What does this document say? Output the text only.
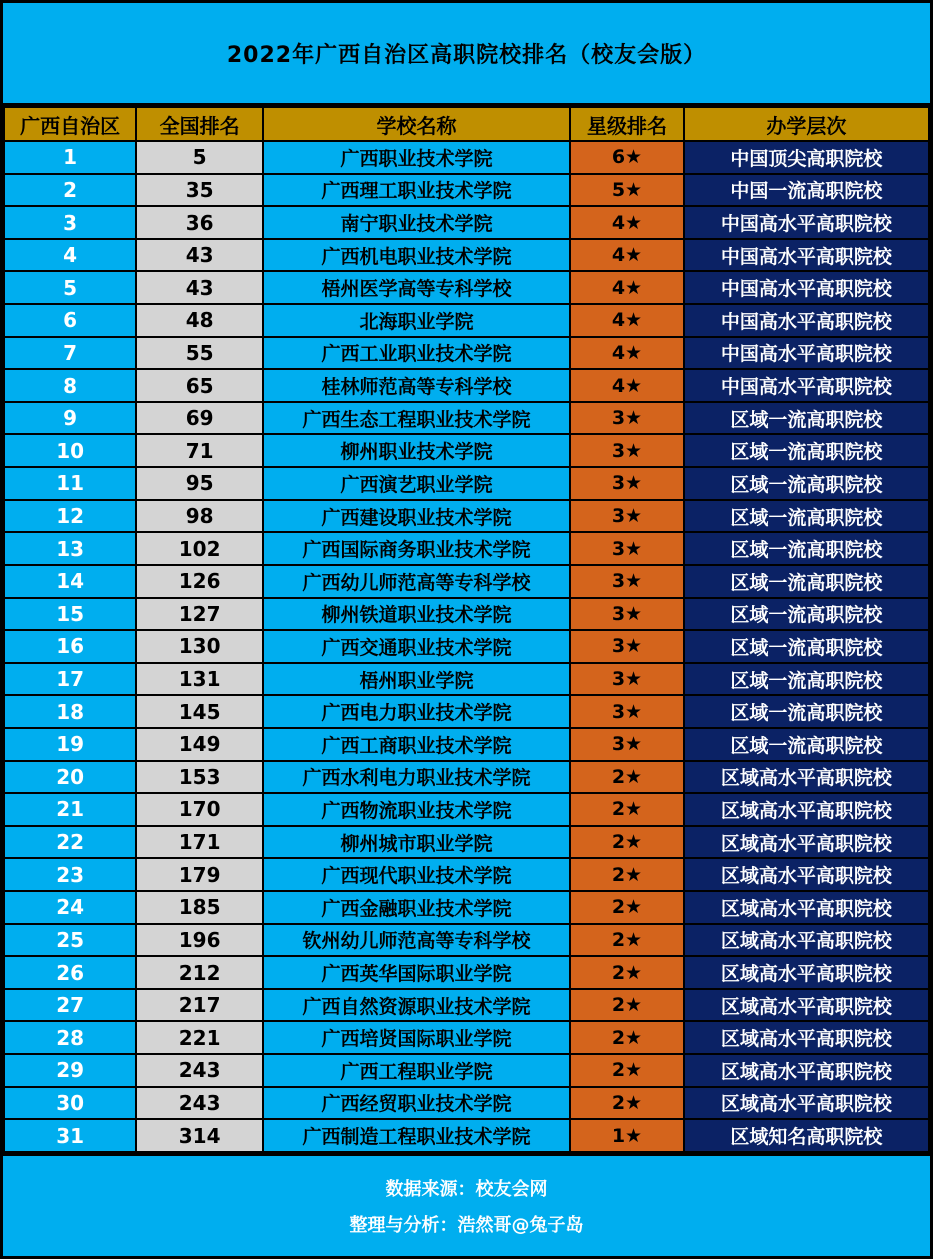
2022年广西自治区高职院校排名（校友会版）
广西自治区	全国排名	学校名称	星级排名	办学层次
1	5	广西职业技术学院	6★	中国顶尖高职院校
2	35	广西理工职业技术学院	5★	中国一流高职院校
3	36	南宁职业技术学院	4★	中国高水平高职院校
4	43	广西机电职业技术学院	4★	中国高水平高职院校
5	43	梧州医学高等专科学校	4★	中国高水平高职院校
6	48	北海职业学院	4★	中国高水平高职院校
7	55	广西工业职业技术学院	4★	中国高水平高职院校
8	65	桂林师范高等专科学校	4★	中国高水平高职院校
9	69	广西生态工程职业技术学院	3★	区域一流高职院校
10	71	柳州职业技术学院	3★	区域一流高职院校
11	95	广西演艺职业学院	3★	区域一流高职院校
12	98	广西建设职业技术学院	3★	区域一流高职院校
13	102	广西国际商务职业技术学院	3★	区域一流高职院校
14	126	广西幼儿师范高等专科学校	3★	区域一流高职院校
15	127	柳州铁道职业技术学院	3★	区域一流高职院校
16	130	广西交通职业技术学院	3★	区域一流高职院校
17	131	梧州职业学院	3★	区域一流高职院校
18	145	广西电力职业技术学院	3★	区域一流高职院校
19	149	广西工商职业技术学院	3★	区域一流高职院校
20	153	广西水利电力职业技术学院	2★	区域高水平高职院校
21	170	广西物流职业技术学院	2★	区域高水平高职院校
22	171	柳州城市职业学院	2★	区域高水平高职院校
23	179	广西现代职业技术学院	2★	区域高水平高职院校
24	185	广西金融职业技术学院	2★	区域高水平高职院校
25	196	钦州幼儿师范高等专科学校	2★	区域高水平高职院校
26	212	广西英华国际职业学院	2★	区域高水平高职院校
27	217	广西自然资源职业技术学院	2★	区域高水平高职院校
28	221	广西培贤国际职业学院	2★	区域高水平高职院校
29	243	广西工程职业学院	2★	区域高水平高职院校
30	243	广西经贸职业技术学院	2★	区域高水平高职院校
31	314	广西制造工程职业技术学院	1★	区域知名高职院校
数据来源：校友会网
整理与分析：浩然哥@兔子岛
